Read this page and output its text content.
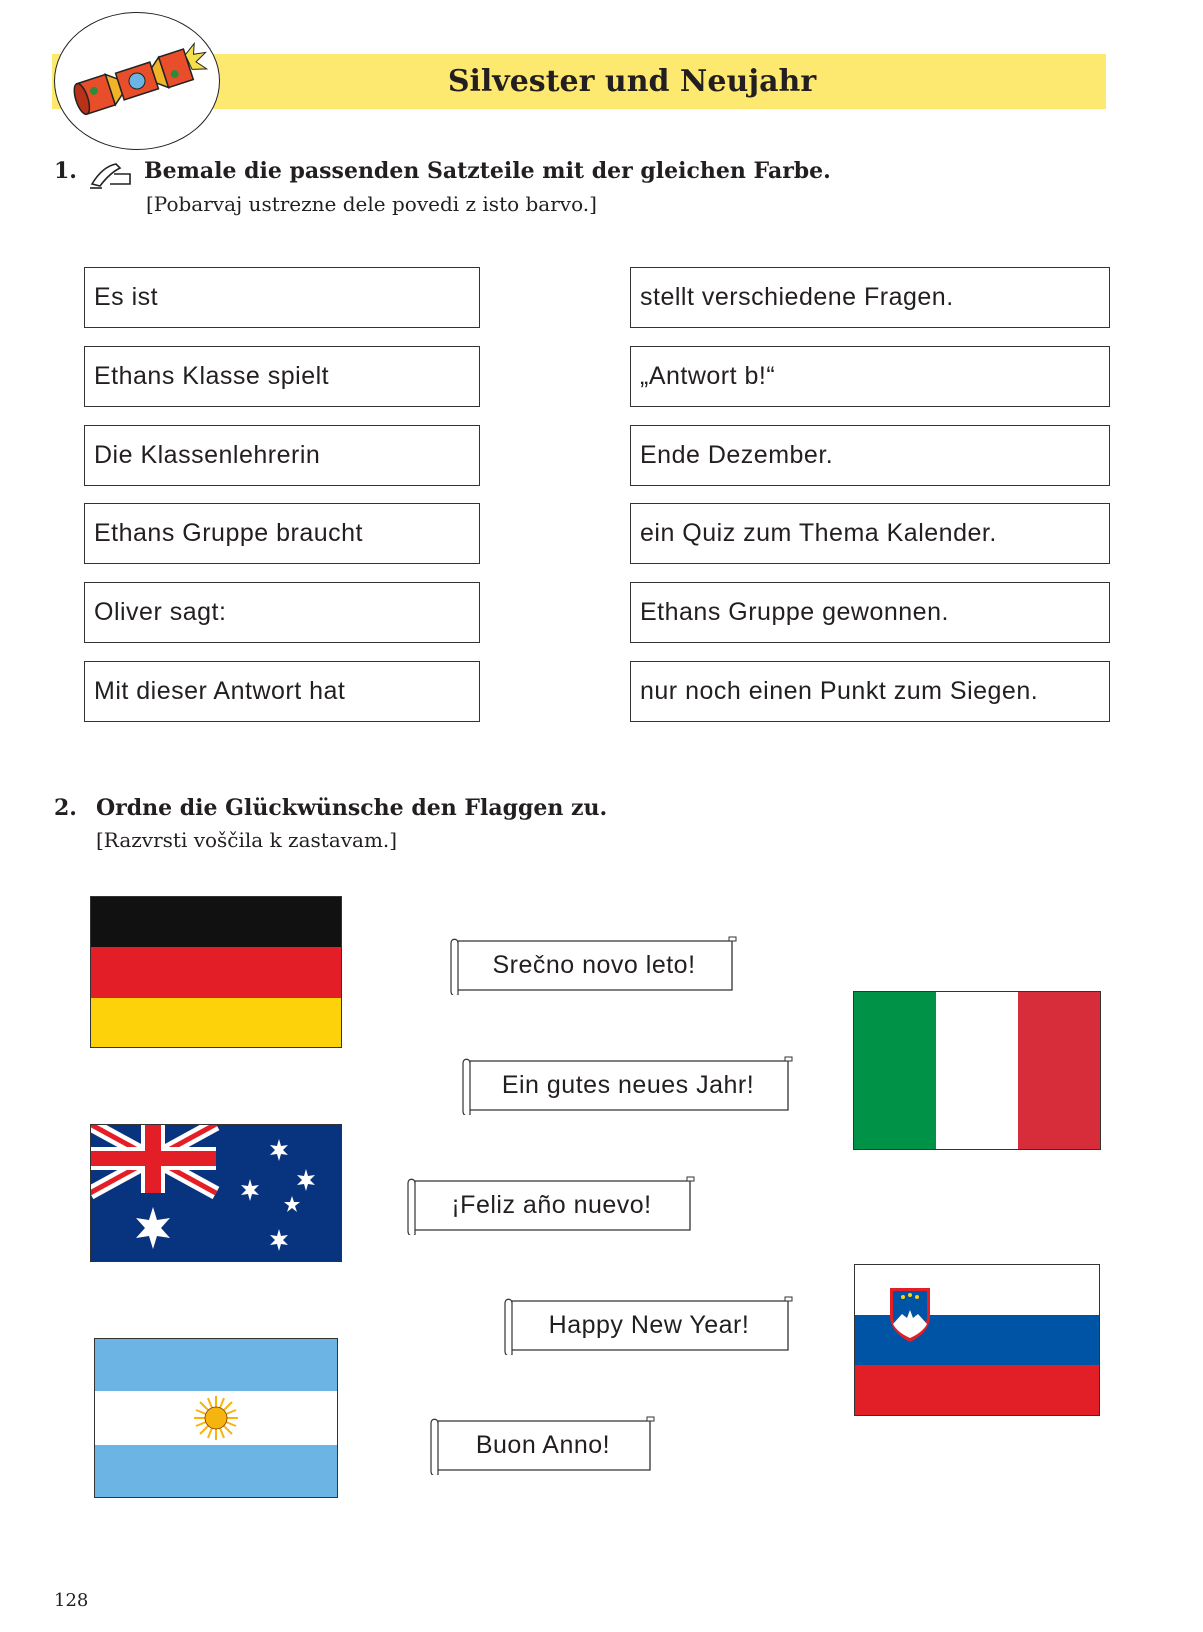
Silvester und Neujahr
1.	Bemale die passenden Satzteile mit der gleichen Farbe.
[Pobarvaj ustrezne dele povedi z isto barvo.]
Es ist
Ethans Klasse spielt
Die Klassenlehrerin
Ethans Gruppe braucht
Oliver sagt:
Mit dieser Antwort hat
stellt verschiedene Fragen.
„Antwort b!“
Ende Dezember.
ein Quiz zum Thema Kalender.
Ethans Gruppe gewonnen.
nur noch einen Punkt zum Siegen.
2. Ordne die Glückwünsche den Flaggen zu.
[Razvrsti voščila k zastavam.]
Srečno novo leto!
Ein gutes neues Jahr!
¡Feliz año nuevo!
Happy New Year!
Buon Anno!
128
